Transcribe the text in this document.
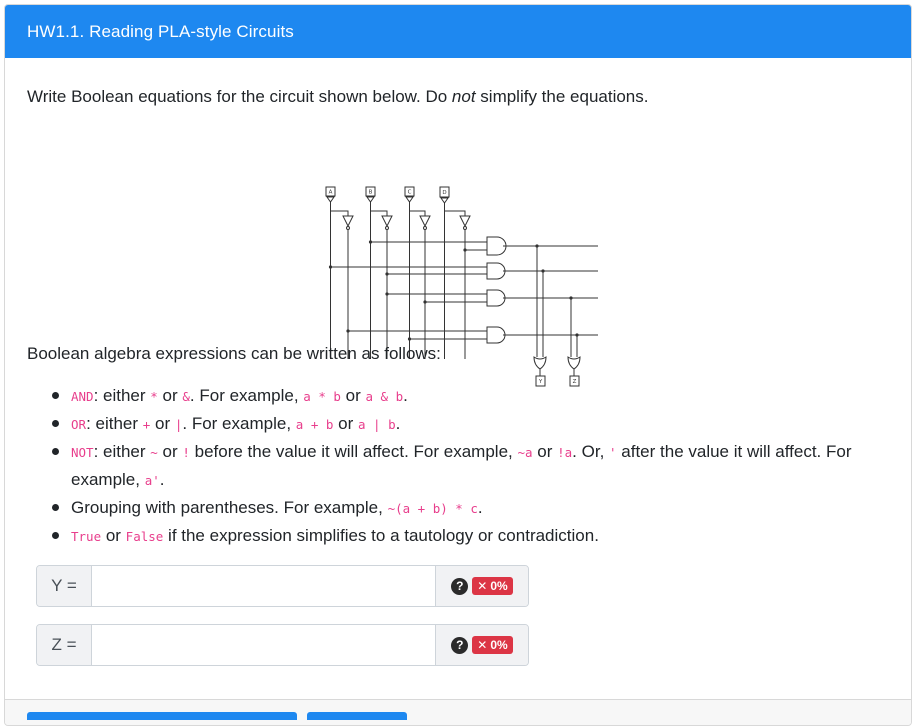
HW1.1. Reading PLA-style Circuits
Write Boolean equations for the circuit shown below. Do not simplify the equations.
A	B	C	D
Y	Z
Boolean algebra expressions can be written as follows:
AND: either * or &. For example, a * b or a & b.
OR: either + or |. For example, a + b or a | b.
NOT: either ~ or ! before the value it will affect. For example, ~a or !a. Or, ' after the value it will affect. For example, a'.
Grouping with parentheses. For example, ~(a + b) * c.
True or False if the expression simplifies to a tautology or contradiction.
Y =	?	✕ 0%
Z =	?	✕ 0%
